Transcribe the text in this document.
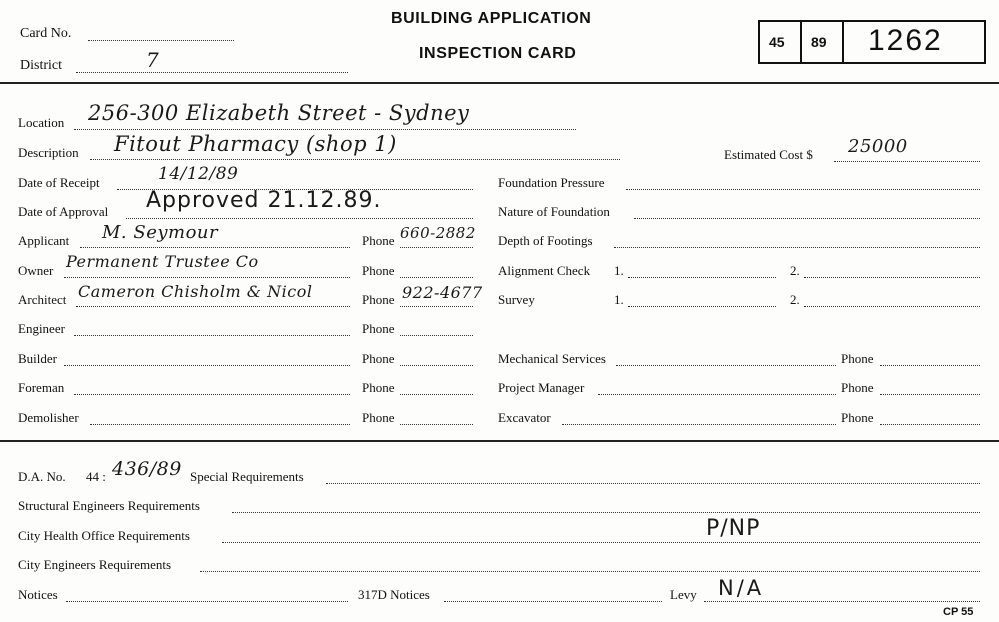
Card No.
District	7
BUILDING APPLICATION
INSPECTION CARD
45 89 1262
Location 256-300 Elizabeth Street - Sydney
Description Fitout Pharmacy (shop 1)	Estimated Cost $ 25000
Date of Receipt	14/12/89
Date of Approval Approved 21.12.89.
Applicant M. Seymour	Phone 660-2882
Owner Permanent Trustee Co	Phone
Architect Cameron Chisholm & Nicol	Phone 922-4677
Engineer	Phone
Builder	Phone
Foreman	Phone
Demolisher	Phone
Foundation Pressure
Nature of Foundation
Depth of Footings
Alignment Check 1.	2.
Survey	1.	2.
Mechanical Services	Phone
Project Manager	Phone
Excavator	Phone
D.A. No. 44 : 436/89 Special Requirements
Structural Engineers Requirements
City Health Office Requirements	P/NP
City Engineers Requirements
Notices	317D Notices	Levy N/A
CP 55
